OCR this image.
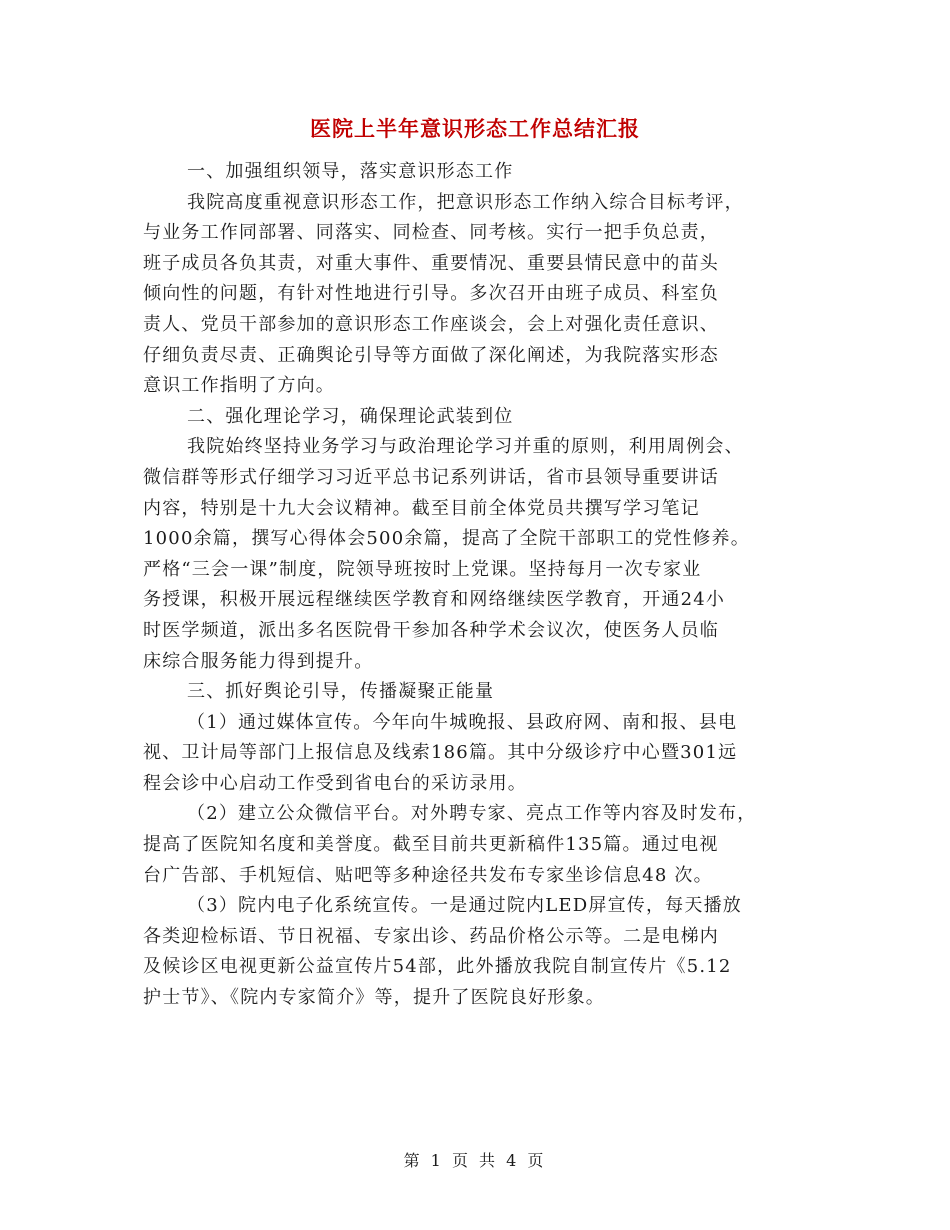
医院上半年意识形态工作总结汇报
一、加强组织领导，落实意识形态工作
我院高度重视意识形态工作，把意识形态工作纳入综合目标考评，
与业务工作同部署、同落实、同检查、同考核。实行一把手负总责，
班子成员各负其责，对重大事件、重要情况、重要县情民意中的苗头
倾向性的问题，有针对性地进行引导。多次召开由班子成员、科室负
责人、党员干部参加的意识形态工作座谈会，会上对强化责任意识、
仔细负责尽责、正确舆论引导等方面做了深化阐述，为我院落实形态
意识工作指明了方向。
二、强化理论学习，确保理论武装到位
我院始终坚持业务学习与政治理论学习并重的原则，利用周例会、
微信群等形式仔细学习习近平总书记系列讲话，省市县领导重要讲话
内容，特别是十九大会议精神。截至目前全体党员共撰写学习笔记
1000余篇，撰写心得体会500余篇，提高了全院干部职工的党性修养。
严格“三会一课”制度，院领导班按时上党课。坚持每月一次专家业
务授课，积极开展远程继续医学教育和网络继续医学教育，开通24小
时医学频道，派出多名医院骨干参加各种学术会议次，使医务人员临
床综合服务能力得到提升。
三、抓好舆论引导，传播凝聚正能量
（1）通过媒体宣传。今年向牛城晚报、县政府网、南和报、县电
视、卫计局等部门上报信息及线索186篇。其中分级诊疗中心暨301远
程会诊中心启动工作受到省电台的采访录用。
（2）建立公众微信平台。对外聘专家、亮点工作等内容及时发布，
提高了医院知名度和美誉度。截至目前共更新稿件135篇。通过电视
台广告部、手机短信、贴吧等多种途径共发布专家坐诊信息48 次。
（3）院内电子化系统宣传。一是通过院内LED屏宣传，每天播放
各类迎检标语、节日祝福、专家出诊、药品价格公示等。二是电梯内
及候诊区电视更新公益宣传片54部，此外播放我院自制宣传片《5.12
护士节》、《院内专家简介》等，提升了医院良好形象。
第 1 页 共 4 页
